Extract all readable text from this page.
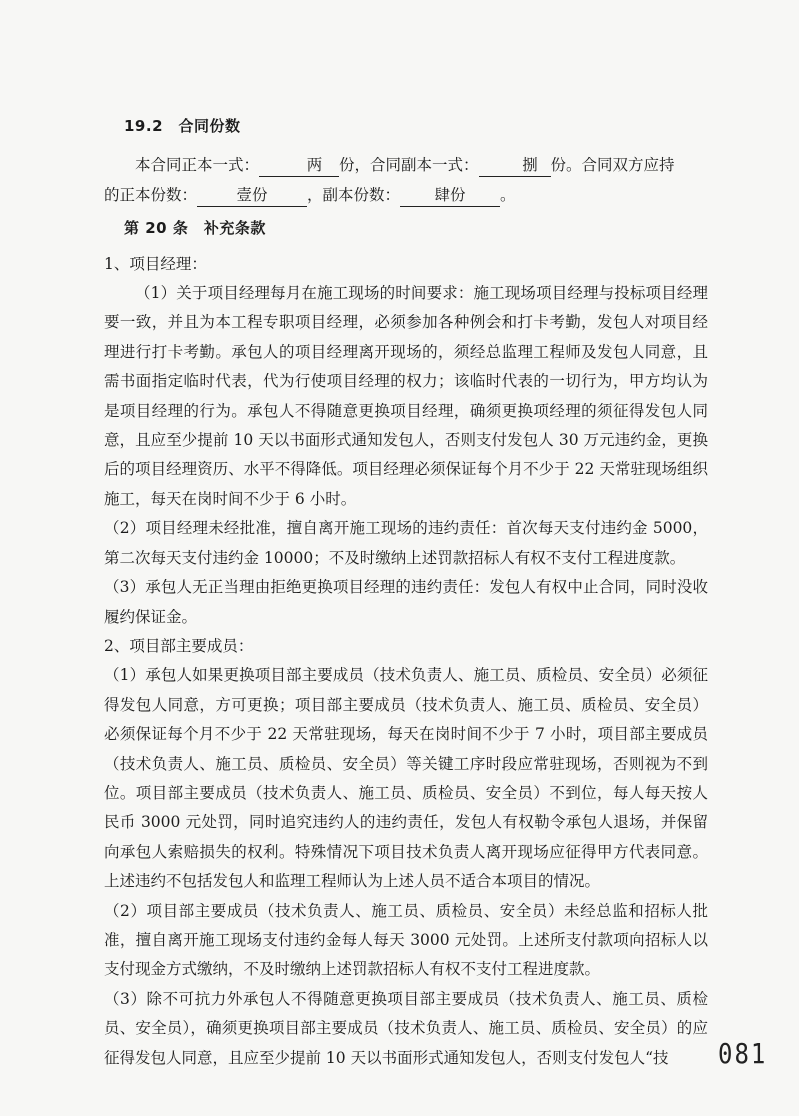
19.2　合同份数

本合同正本一式：	两 份，合同副本一式：	捌 份。合同双方应持

的正本份数：	壹份	，副本份数： 肆份 。

第 20 条　补充条款

1、项目经理：

（1）关于项目经理每月在施工现场的时间要求：施工现场项目经理与投标项目经理要一致，并且为本工程专职项目经理，必须参加各种例会和打卡考勤，发包人对项目经理进行打卡考勤。承包人的项目经理离开现场的，须经总监理工程师及发包人同意，且需书面指定临时代表，代为行使项目经理的权力；该临时代表的一切行为，甲方均认为是项目经理的行为。承包人不得随意更换项目经理，确须更换项经理的须征得发包人同意，且应至少提前 10 天以书面形式通知发包人，否则支付发包人 30 万元违约金，更换后的项目经理资历、水平不得降低。项目经理必须保证每个月不少于 22 天常驻现场组织施工，每天在岗时间不少于 6 小时。

（2）项目经理未经批准，擅自离开施工现场的违约责任：首次每天支付违约金 5000，第二次每天支付违约金 10000；不及时缴纳上述罚款招标人有权不支付工程进度款。

（3）承包人无正当理由拒绝更换项目经理的违约责任：发包人有权中止合同，同时没收履约保证金。

2、项目部主要成员：

（1）承包人如果更换项目部主要成员（技术负责人、施工员、质检员、安全员）必须征得发包人同意，方可更换；项目部主要成员（技术负责人、施工员、质检员、安全员）必须保证每个月不少于 22 天常驻现场，每天在岗时间不少于 7 小时，项目部主要成员（技术负责人、施工员、质检员、安全员）等关键工序时段应常驻现场，否则视为不到位。项目部主要成员（技术负责人、施工员、质检员、安全员）不到位，每人每天按人民币 3000 元处罚，同时追究违约人的违约责任，发包人有权勒令承包人退场，并保留向承包人索赔损失的权利。特殊情况下项目技术负责人离开现场应征得甲方代表同意。上述违约不包括发包人和监理工程师认为上述人员不适合本项目的情况。

（2）项目部主要成员（技术负责人、施工员、质检员、安全员）未经总监和招标人批准，擅自离开施工现场支付违约金每人每天 3000 元处罚。上述所支付款项向招标人以支付现金方式缴纳，不及时缴纳上述罚款招标人有权不支付工程进度款。

（3）除不可抗力外承包人不得随意更换项目部主要成员（技术负责人、施工员、质检员、安全员），确须更换项目部主要成员（技术负责人、施工员、质检员、安全员）的应征得发包人同意，且应至少提前 10 天以书面形式通知发包人，否则支付发包人“技	081
